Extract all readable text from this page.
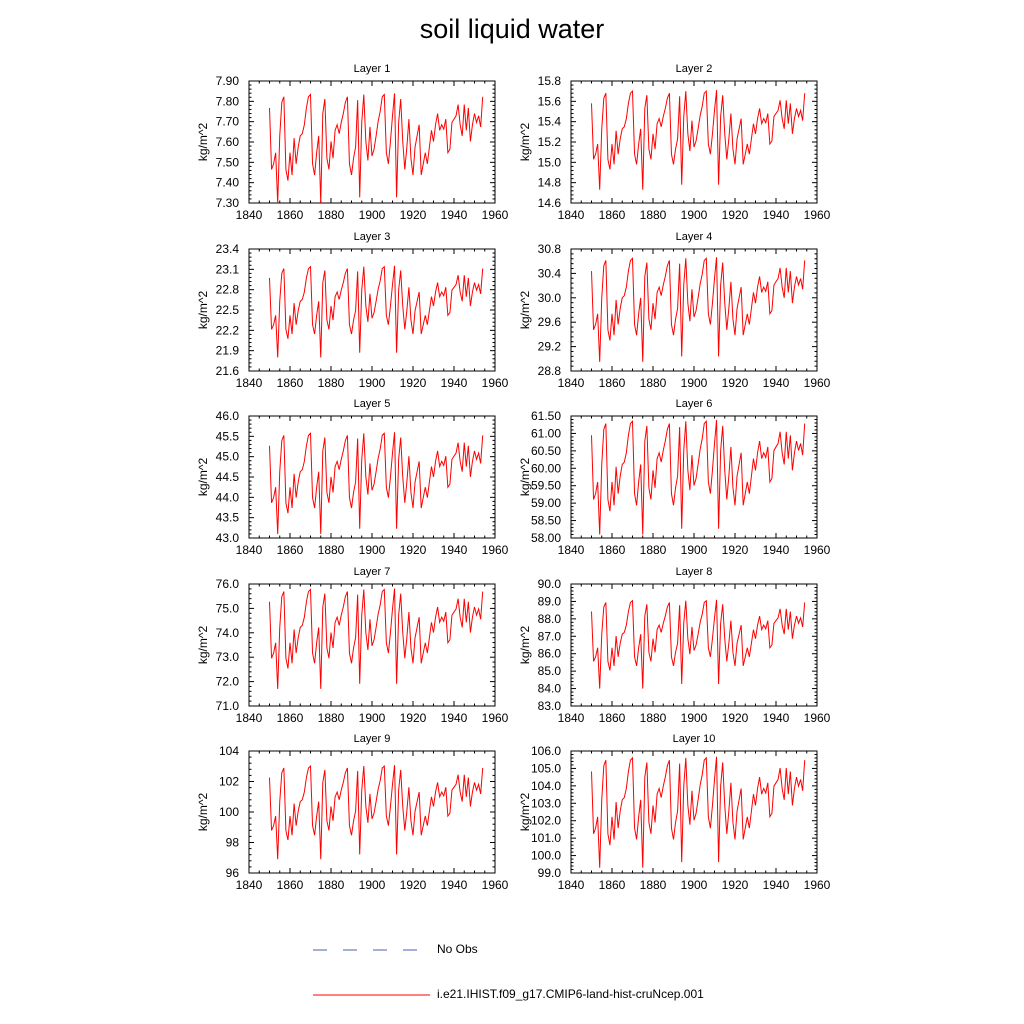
soil liquid water
Layer 1
kg/m^2
1840 1860 1880 1900 1920 1940 1960
7.90
7.80
7.70
7.60
7.50
7.40
7.30
Layer 2
kg/m^2
1840 1860 1880 1900 1920 1940 1960
15.8
15.6
15.4
15.2
15.0
14.8
14.6
Layer 3
kg/m^2
1840 1860 1880 1900 1920 1940 1960
23.4
23.1
22.8
22.5
22.2
21.9
21.6
Layer 4
kg/m^2
1840 1860 1880 1900 1920 1940 1960
30.8
30.4
30.0
29.6
29.2
28.8
Layer 5
kg/m^2
1840 1860 1880 1900 1920 1940 1960
46.0
45.5
45.0
44.5
44.0
43.5
43.0
Layer 6
kg/m^2
1840 1860 1880 1900 1920 1940 1960
61.50
61.00
60.50
60.00
59.50
59.00
58.50
58.00
Layer 7
kg/m^2
1840 1860 1880 1900 1920 1940 1960
76.0
75.0
74.0
73.0
72.0
71.0
Layer 8
kg/m^2
1840 1860 1880 1900 1920 1940 1960
90.0
89.0
88.0
87.0
86.0
85.0
84.0
83.0
Layer 9
kg/m^2
1840 1860 1880 1900 1920 1940 1960
104
102
100
98
96
Layer 10
kg/m^2
1840 1860 1880 1900 1920 1940 1960
106.0
105.0
104.0
103.0
102.0
101.0
100.0
99.0
No Obs
i.e21.IHIST.f09_g17.CMIP6-land-hist-cruNcep.001
